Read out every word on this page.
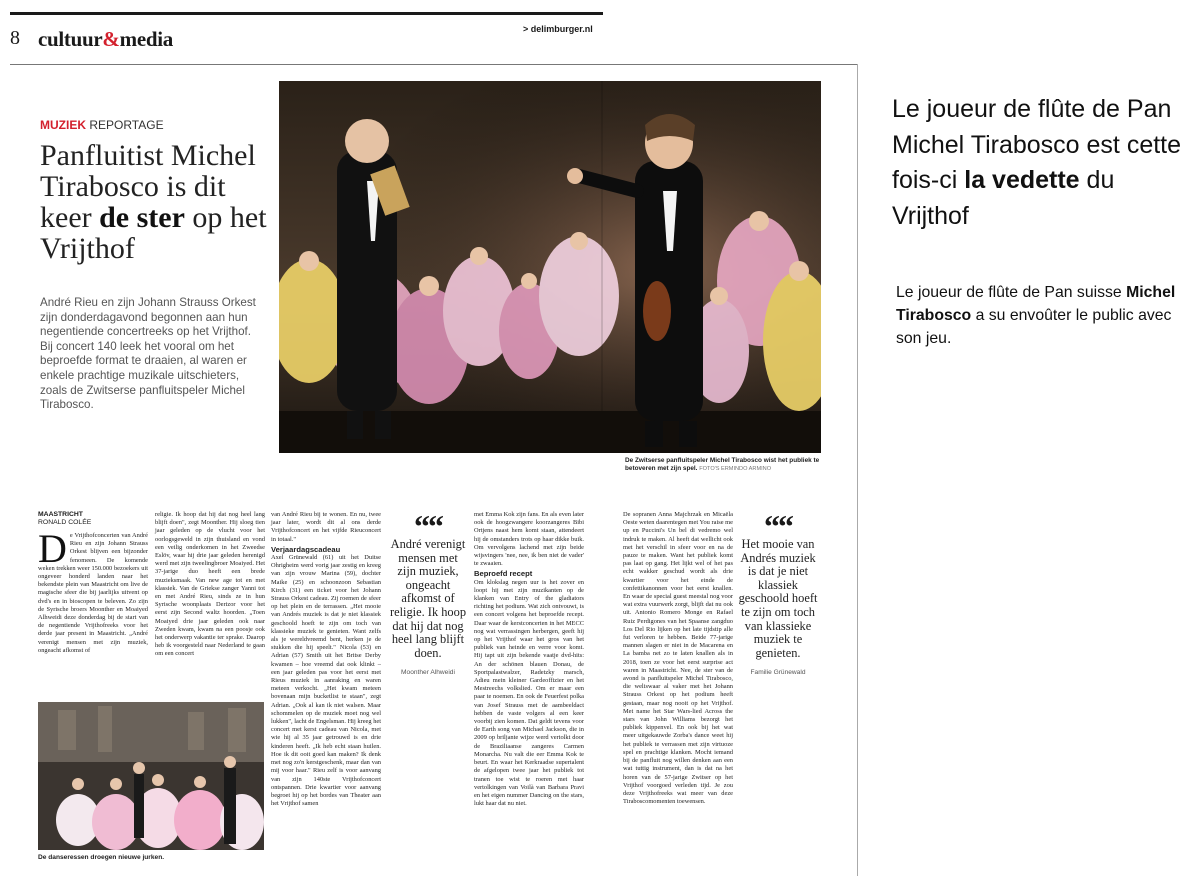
8 cultuur&media	> delimburger.nl
MUZIEK REPORTAGE
Panfluitist Michel Tirabosco is dit keer de ster op het Vrijthof
André Rieu en zijn Johann Strauss Orkest zijn donderdagavond begonnen aan hun negentiende concertreeks op het Vrijthof. Bij concert 140 leek het vooral om het beproefde format te draaien, al waren er enkele prachtige muzikale uitschieters, zoals de Zwitserse panfluitspeler Michel Tirabosco.
De Zwitserse panfluitspeler Michel Tirabosco wist het publiek te betoveren met zijn spel. FOTO'S ERMINDO ARMINO
De danseressen droegen nieuwe jurken.
MAASTRICHT
RONALD COLÉE

De Vrijthofconcerten van André Rieu en zijn Johann Strauss Orkest blijven een bijzonder fenomeen. De komende weken trekken weer 150.000 bezoekers uit ongeveer honderd landen naar het bekendste plein van Maastricht om live de magische sfeer die bij jaarlijks uitvent op dvd's en in bioscopen te beleven. Zo zijn de Syrische broers Moonther en Moaiyed Alhweidi deze donderdag bij de start van de negentiende Vrijthofreeks voor het derde jaar present in Maastricht. „André verenigt mensen met zijn muziek, ongeacht afkomst of

religie. Ik hoop dat hij dat nog heel lang blijft doen", zegt Moonther. Hij sloeg tien jaar geleden op de vlucht voor het oorlogsgeweld in zijn thuisland en vond een veilig onderkomen in het Zweedse Eslöv, waar hij drie jaar geleden herenigd werd met zijn tweelingbroer Moaiyed. Het 37-jarige duo heeft een brede muzieksmaak. Van new age tot en met klassiek. Van de Griekse zanger Yanni tot en met André Rieu, sinds ze in hun Syrische woonplaats Derizor voor het eerst zijn Second waltz hoorden. „Toen Moaiyed drie jaar geleden ook naar Zweden kwam, kwam na een poosje ook het onderwerp vakantie ter sprake. Daarop heb ik voorgesteld naar Nederland te gaan om een concert

van André Rieu bij te wonen. En nu, twee jaar later, wordt dit al ons derde Vrijthofconcert en het vijfde Rieuconcert in totaal."

Verjaardagscadeau
Axel Grünewald (61) uit het Duitse Ohrigheim werd vorig jaar zestig en kreeg van zijn vrouw Marina (59), dochter Maike (25) en schoonzoon Sebastian Kirch (31) een ticket voor het Johann Strauss Orkest cadeau. Zij roemen de sfeer op het plein en de terrassen. „Het mooie van Andrés muziek is dat je niet klassiek geschoold hoeft te zijn om toch van klassieke muziek te genieten. Want zelfs als je wereldvreemd bent, herken je de stukken die hij speelt." Nicola (53) en Adrian (57) Smith uit het Britse Derby kwamen – hoe vreemd dat ook klinkt – een jaar geleden pas voor het eerst met Rieus muziek in aanraking en waren meteen verkocht. „Het kwam meteen bovenaan mijn bucketlist te staan", zegt Adrian. „Ook al kan ik niet walsen. Maar schommelen op de muziek moet nog wel lukken", lacht de Engelsman. Hij kreeg het concert met kerst cadeau van Nicola, met wie hij al 35 jaar getrouwd is en drie kinderen heeft. „Ik heb echt staan huilen. Hoe ik dit ooit goed kan maken? Ik denk met nog zo'n kerstgeschenk, maar dan van mij voor haar." Rieu zelf is voor aanvang van zijn 140ste Vrijthofconcert ontspannen. Drie kwartier voor aanvang begroet hij op het bordes van Theater aan het Vrijthof samen

““
André verenigt mensen met zijn muziek, ongeacht afkomst of religie. Ik hoop dat hij dat nog heel lang blijft doen.
Moonther Alhweidi

met Emma Kok zijn fans. En als even later ook de hoogzwangere koorzangeres Bibi Ortjens naast hem komt staan, attendeert hij de omstanders trots op haar dikke buik. Om vervolgens lachend met zijn beide wijsvingers 'nee, nee, ik ben niet de vader' te zwaaien.

Beproefd recept
Om klokslag negen uur is het zover en loopt hij met zijn muzikanten op de klanken van Entry of the gladiators richting het podium. Wat zich ontvouwt, is een concert volgens het beproefde recept. Daar waar de kerstconcerten in het MECC nog wat verrassingen herbergen, geeft hij op het Vrijthof waar het gros van het publiek van heinde en verre voor komt. Hij tapt uit zijn bekende vaatje dvd-hits: An der schönen blauen Donau, de Sportpalastwalzer, Radetzky marsch, Adieu mein kleiner Gardeoffizier en het Mestreechs volkslied. Om er maar een paar te noemen. En ook de Feuerfest polka van Josef Strauss met de aambeeldact hebben de vaste volgers al een keer voorbij zien komen. Dat geldt tevens voor de Earth song van Michael Jackson, die in 2009 op briljante wijze werd vertolkt door de Braziliaanse zangeres Carmen Monarcha. Nu valt die eer Emma Kok te beurt. En waar het Kerkraadse supertalent de afgelopen twee jaar het publiek tot tranen toe wist te roeren met haar vertolkingen van Voilà van Barbara Pravi en het eigen nummer Dancing on the stars, lukt haar dat nu niet.

De sopranen Anna Majchrzak en Micaëla Oeste weten daarentegen met You raise me up en Puccini's Un bel di vedremo wel indruk te maken. Al heeft dat wellicht ook met het verschil in sfeer voor en na de pauze te maken. Want het publiek komt pas laat op gang. Het lijkt wel of het pas echt wakker geschud wordt als drie kwartier voor het einde de confettikanonnen voor het eerst knallen. En waar de special guest meestal nog voor wat extra vuurwerk zorgt, blijft dat nu ook uit. Antonio Romero Monge en Rafael Ruiz Perdigones van het Spaanse zangduo Los Del Rio lijken op het late tijdstip alle fut verloren te hebben. Beide 77-jarige mannen slagen er niet in de Macarena en La bamba net zo te laten knallen als in 2018, toen ze voor het eerst surprise act waren in Maastricht. Nee, de ster van de avond is panfluitspeler Michel Tirabosco, die weliswaar al vaker met het Johann Strauss Orkest op het podium heeft gestaan, maar nog nooit op het Vrijthof. Met name het Star Wars-lied Across the stars van John Williams bezorgt het publiek kippenvel. En ook bij het wat meer uitgekauwde Zorba's dance weet hij het publiek te verrassen met zijn virtuoze spel en prachtige klanken. Mocht iemand bij de panfluit nog willen denken aan een wat tuttig instrument, dan is dat na het horen van de 57-jarige Zwitser op het Vrijthof voorgoed verleden tijd. Je zou deze Vrijthofreeks wat meer van deze Tiraboscomomenten toewensen.

““
Het mooie van Andrés muziek is dat je niet klassiek geschoold hoeft te zijn om toch van klassieke muziek te genieten.
Familie Grünewald
Le joueur de flûte de Pan Michel Tirabosco est cette fois-ci la vedette du Vrijthof
Le joueur de flûte de Pan suisse Michel Tirabosco a su envoûter le public avec son jeu.
